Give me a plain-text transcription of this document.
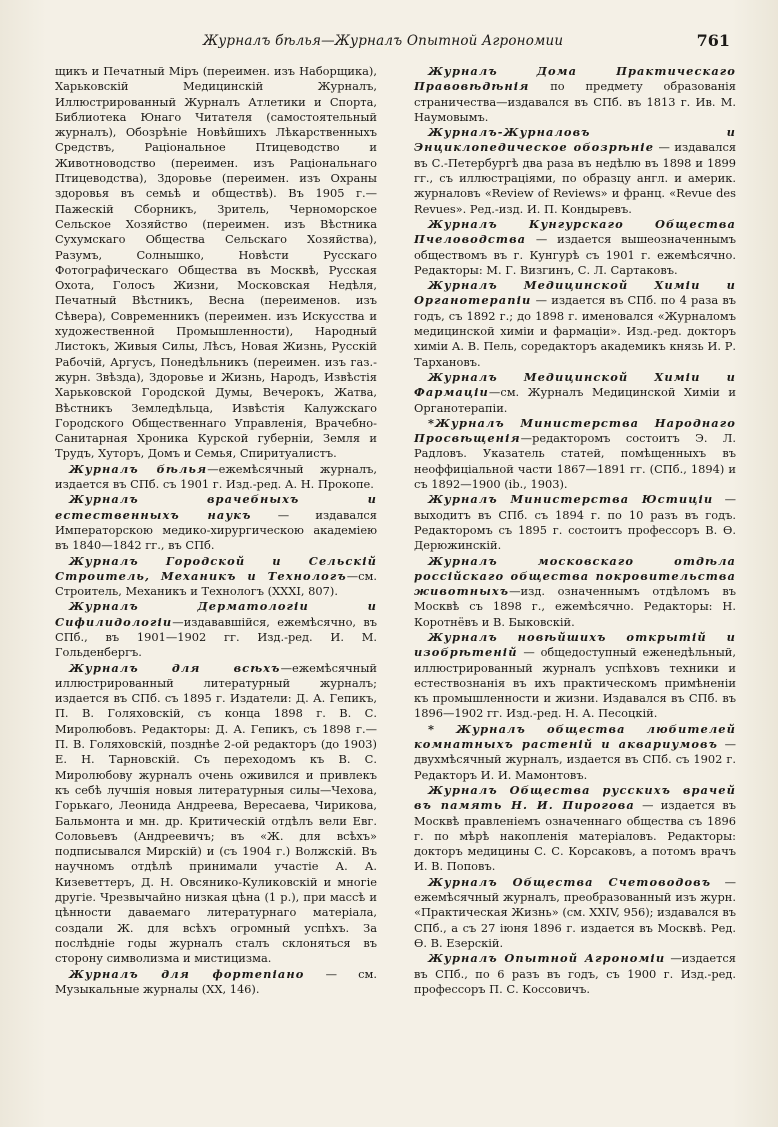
Журналъ бѣлья—Журналъ Опытной Агрономии	761

щикъ и Печатный Міръ (переимен. изъ Наборщика), Харьковскій Медицинскій Журналъ, Иллюстрированный Журналъ Атлетики и Спорта, Библиотека Юнаго Читателя (самостоятельный журналъ), Обозрѣніе Новѣйшихъ Лѣкарственныхъ Средствъ, Раціональное Птицеводство и Животноводство (переимен. изъ Раціональнаго Птицеводства), Здоровье (переимен. изъ Охраны здоровья въ семьѣ и обществѣ). Въ 1905 г.—Пажескій Сборникъ, Зритель, Черноморское Сельское Хозяйство (переимен. изъ Вѣстника Сухумскаго Общества Сельскаго Хозяйства), Разумъ, Солнышко, Новѣсти Русскаго Фотографическаго Общества въ Москвѣ, Русская Охота, Голосъ Жизни, Московская Недѣля, Печатный Вѣстникъ, Весна (переименов. изъ Сѣвера), Современникъ (переимен. изъ Искусства и художественной Промышленности), Народный Листокъ, Живыя Силы, Лѣсъ, Новая Жизнь, Русскій Рабочій, Аргусъ, Понедѣльникъ (переимен. изъ газ.-журн. Звѣзда), Здоровье и Жизнь, Народъ, Извѣстія Харьковской Городской Думы, Вечерокъ, Жатва, Вѣстникъ Земледѣльца, Извѣстія Калужскаго Городского Общественнаго Управленія, Врачебно-Санитарная Хроника Курской губерніи, Земля и Трудъ, Хуторъ, Домъ и Семья, Спиритуалистъ.

Журналъ бѣлья—ежемѣсячный журналъ, издается въ СПб. съ 1901 г. Изд.-ред. А. Н. Прокопе.

Журналъ врачебныхъ и естественныхъ наукъ — издавался Императорскою медико-хирургическою академіею въ 1840—1842 гг., въ СПб.

Журналъ Городской и Сельскій Строитель, Механикъ и Технологъ—см. Строитель, Механикъ и Технологъ (XXXI, 807).

Журналъ Дерматологіи и Сифилидологіи—издававшійся, ежемѣсячно, въ СПб., въ 1901—1902 гг. Изд.-ред. И. М. Гольденбергъ.

Журналъ для всѣхъ—ежемѣсячный иллюстрированный литературный журналъ; издается въ СПб. съ 1895 г. Издатели: Д. А. Гепикъ, П. В. Голяховскій, съ конца 1898 г. В. С. Миролюбовъ. Редакторы: Д. А. Гепикъ, съ 1898 г.—П. В. Голяховскій, позднѣе 2-ой редакторъ (до 1903) Е. Н. Тарновскій. Съ переходомъ къ В. С. Миролюбову журналъ очень оживился и привлекъ къ себѣ лучшія новыя литературныя силы—Чехова, Горькаго, Леонида Андреева, Вересаева, Чирикова, Бальмонта и мн. др. Критическій отдѣлъ вели Евг. Соловьевъ (Андреевичъ; въ «Ж. для всѣхъ» подписывался Мирскій) и (съ 1904 г.) Волжскій. Въ научномъ отдѣлѣ принимали участіе А. А. Кизеветтеръ, Д. Н. Овсянико-Куликовскій и многіе другіе. Чрезвычайно низкая цѣна (1 р.), при массѣ и цѣнности даваемаго литературнаго матеріала, создали Ж. для всѣхъ огромный успѣхъ. За послѣдніе годы журналъ сталъ склоняться въ сторону символизма и мистицизма.

Журналъ для фортепіано — см. Музыкальные журналы (XX, 146).

Журналъ Дома Практическаго Правовѣдѣнія по предмету образованія страничества—издавался въ СПб. въ 1813 г. Ив. М. Наумовымъ.

Журналъ-Журналовъ и Энциклопедическое обозрѣніе — издавался въ С.-Петербургѣ два раза въ недѣлю въ 1898 и 1899 гг., съ иллюстраціями, по образцу англ. и америк. журналовъ «Review of Reviews» и франц. «Revue des Revues». Ред.-изд. И. П. Кондыревъ.

Журналъ Кунгурскаго Общества Пчеловодства — издается вышеозначеннымъ обществомъ въ г. Кунгурѣ съ 1901 г. ежемѣсячно. Редакторы: М. Г. Визгинъ, С. Л. Сартаковъ.

Журналъ Медицинской Химіи и Органотерапіи — издается въ СПб. по 4 раза въ годъ, съ 1892 г.; до 1898 г. именовался «Журналомъ медицинской химіи и фармаціи». Изд.-ред. докторъ химіи А. В. Пель, соредакторъ академикъ князь И. Р. Тархановъ.

Журналъ Медицинской Химіи и Фармаціи—см. Журналъ Медицинской Химіи и Органотерапіи.

*Журналъ Министерства Народнаго Просвѣщенія—редакторомъ состоитъ Э. Л. Радловъ. Указатель статей, помѣщенныхъ въ неоффиціальной части 1867—1891 гг. (СПб., 1894) и съ 1892—1900 (ib., 1903).

Журналъ Министерства Юстиціи — выходитъ въ СПб. съ 1894 г. по 10 разъ въ годъ. Редакторомъ съ 1895 г. состоитъ профессоръ В. Ѳ. Дерюжинскій.

Журналъ московскаго отдѣла россійскаго общества покровительства животныхъ—изд. означеннымъ отдѣломъ въ Москвѣ съ 1898 г., ежемѣсячно. Редакторы: Н. Коротнёвъ и В. Быковскій.

Журналъ новѣйшихъ открытій и изобрѣтеній — общедоступный еженедѣльный, иллюстрированный журналъ успѣховъ техники и естествознанія въ ихъ практическомъ примѣненіи къ промышленности и жизни. Издавался въ СПб. въ 1896—1902 гг. Изд.-ред. Н. А. Песоцкій.

* Журналъ общества любителей комнатныхъ растеній и аквариумовъ — двухмѣсячный журналъ, издается въ СПб. съ 1902 г. Редакторъ И. И. Мамонтовъ.

Журналъ Общества русскихъ врачей въ память Н. И. Пирогова — издается въ Москвѣ правленіемъ означеннаго общества съ 1896 г. по мѣрѣ накопленія матеріаловъ. Редакторы: докторъ медицины С. С. Корсаковъ, а потомъ врачъ И. В. Поповъ.

Журналъ Общества Счетоводовъ — ежемѣсячный журналъ, преобразованный изъ журн. «Практическая Жизнь» (см. XXIV, 956); издавался въ СПб., а съ 27 іюня 1896 г. издается въ Москвѣ. Ред. Ѳ. В. Езерскій.

Журналъ Опытной Агрономіи —издается въ СПб., по 6 разъ въ годъ, съ 1900 г. Изд.-ред. профессоръ П. С. Коссовичъ.
